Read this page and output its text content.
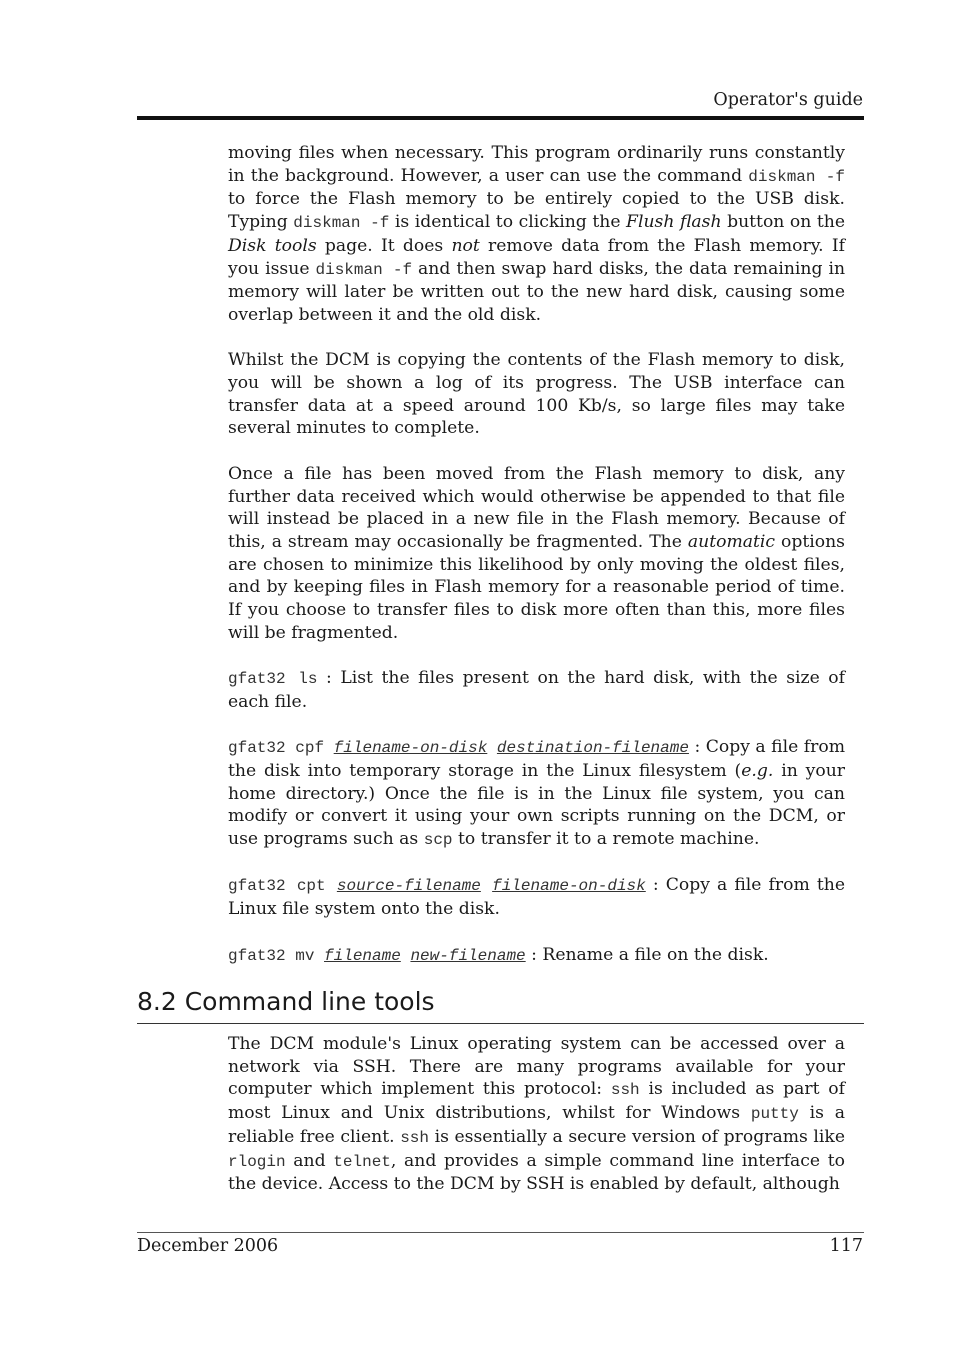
Operator's guide

moving files when necessary. This program ordinarily runs constantly in the background. However, a user can use the command diskman -f to force the Flash memory to be entirely copied to the USB disk. Typing diskman -f is identical to clicking the Flush flash button on the Disk tools page. It does not remove data from the Flash memory. If you issue diskman -f and then swap hard disks, the data remaining in memory will later be written out to the new hard disk, causing some overlap between it and the old disk.

Whilst the DCM is copying the contents of the Flash memory to disk, you will be shown a log of its progress. The USB interface can transfer data at a speed around 100 Kb/s, so large files may take several minutes to complete.

Once a file has been moved from the Flash memory to disk, any further data received which would otherwise be appended to that file will instead be placed in a new file in the Flash memory. Because of this, a stream may occasionally be fragmented. The automatic options are chosen to minimize this likelihood by only moving the oldest files, and by keeping files in Flash memory for a reasonable period of time. If you choose to transfer files to disk more often than this, more files will be fragmented.

gfat32 ls : List the files present on the hard disk, with the size of each file.

gfat32 cpf filename-on-disk destination-filename : Copy a file from the disk into temporary storage in the Linux filesystem (e.g. in your home directory.) Once the file is in the Linux file system, you can modify or convert it using your own scripts running on the DCM, or use programs such as scp to transfer it to a remote machine.

gfat32 cpt source-filename filename-on-disk : Copy a file from the Linux file system onto the disk.

gfat32 mv filename new-filename : Rename a file on the disk.

8.2 Command line tools

The DCM module's Linux operating system can be accessed over a network via SSH. There are many programs available for your computer which implement this protocol: ssh is included as part of most Linux and Unix distributions, whilst for Windows putty is a reliable free client. ssh is essentially a secure version of programs like rlogin and telnet, and provides a simple command line interface to the device. Access to the DCM by SSH is enabled by default, although

December 2006	117
